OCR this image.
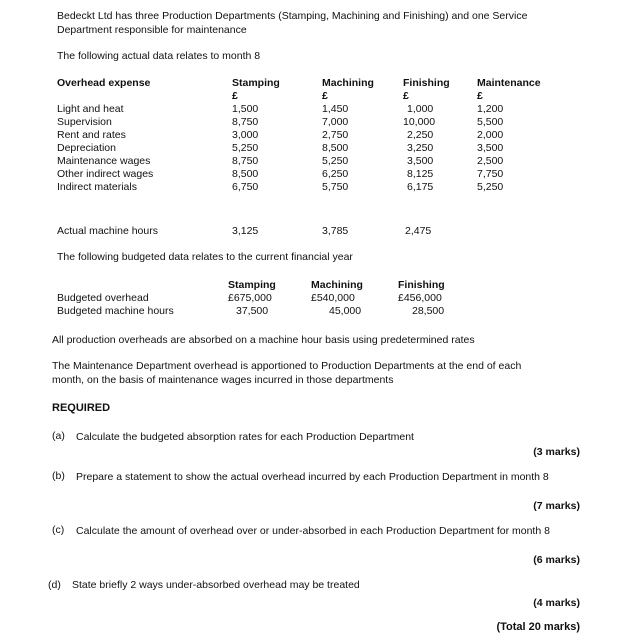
Bedeckt Ltd has three Production Departments (Stamping, Machining and Finishing) and one Service
Department responsible for maintenance
The following actual data relates to month 8
Overhead expense	Stamping	Machining	Finishing	Maintenance
£	£	£	£
Light and heat	1,500	1,450	1,000	1,200
Supervision	8,750	7,000	10,000	5,500
Rent and rates	3,000	2,750	2,250	2,000
Depreciation	5,250	8,500	3,250	3,500
Maintenance wages	8,750	5,250	3,500	2,500
Other indirect wages	8,500	6,250	8,125	7,750
Indirect materials	6,750	5,750	6,175	5,250
Actual machine hours	3,125	3,785	2,475
The following budgeted data relates to the current financial year
Stamping	Machining	Finishing
Budgeted overhead	£675,000	£540,000	£456,000
Budgeted machine hours	37,500	45,000	28,500
All production overheads are absorbed on a machine hour basis using predetermined rates
The Maintenance Department overhead is apportioned to Production Departments at the end of each
month, on the basis of maintenance wages incurred in those departments
REQUIRED
(a) Calculate the budgeted absorption rates for each Production Department
(3 marks)
(b) Prepare a statement to show the actual overhead incurred by each Production Department in month 8
(7 marks)
(c) Calculate the amount of overhead over or under-absorbed in each Production Department for month 8
(6 marks)
(d) State briefly 2 ways under-absorbed overhead may be treated
(4 marks)
(Total 20 marks)
